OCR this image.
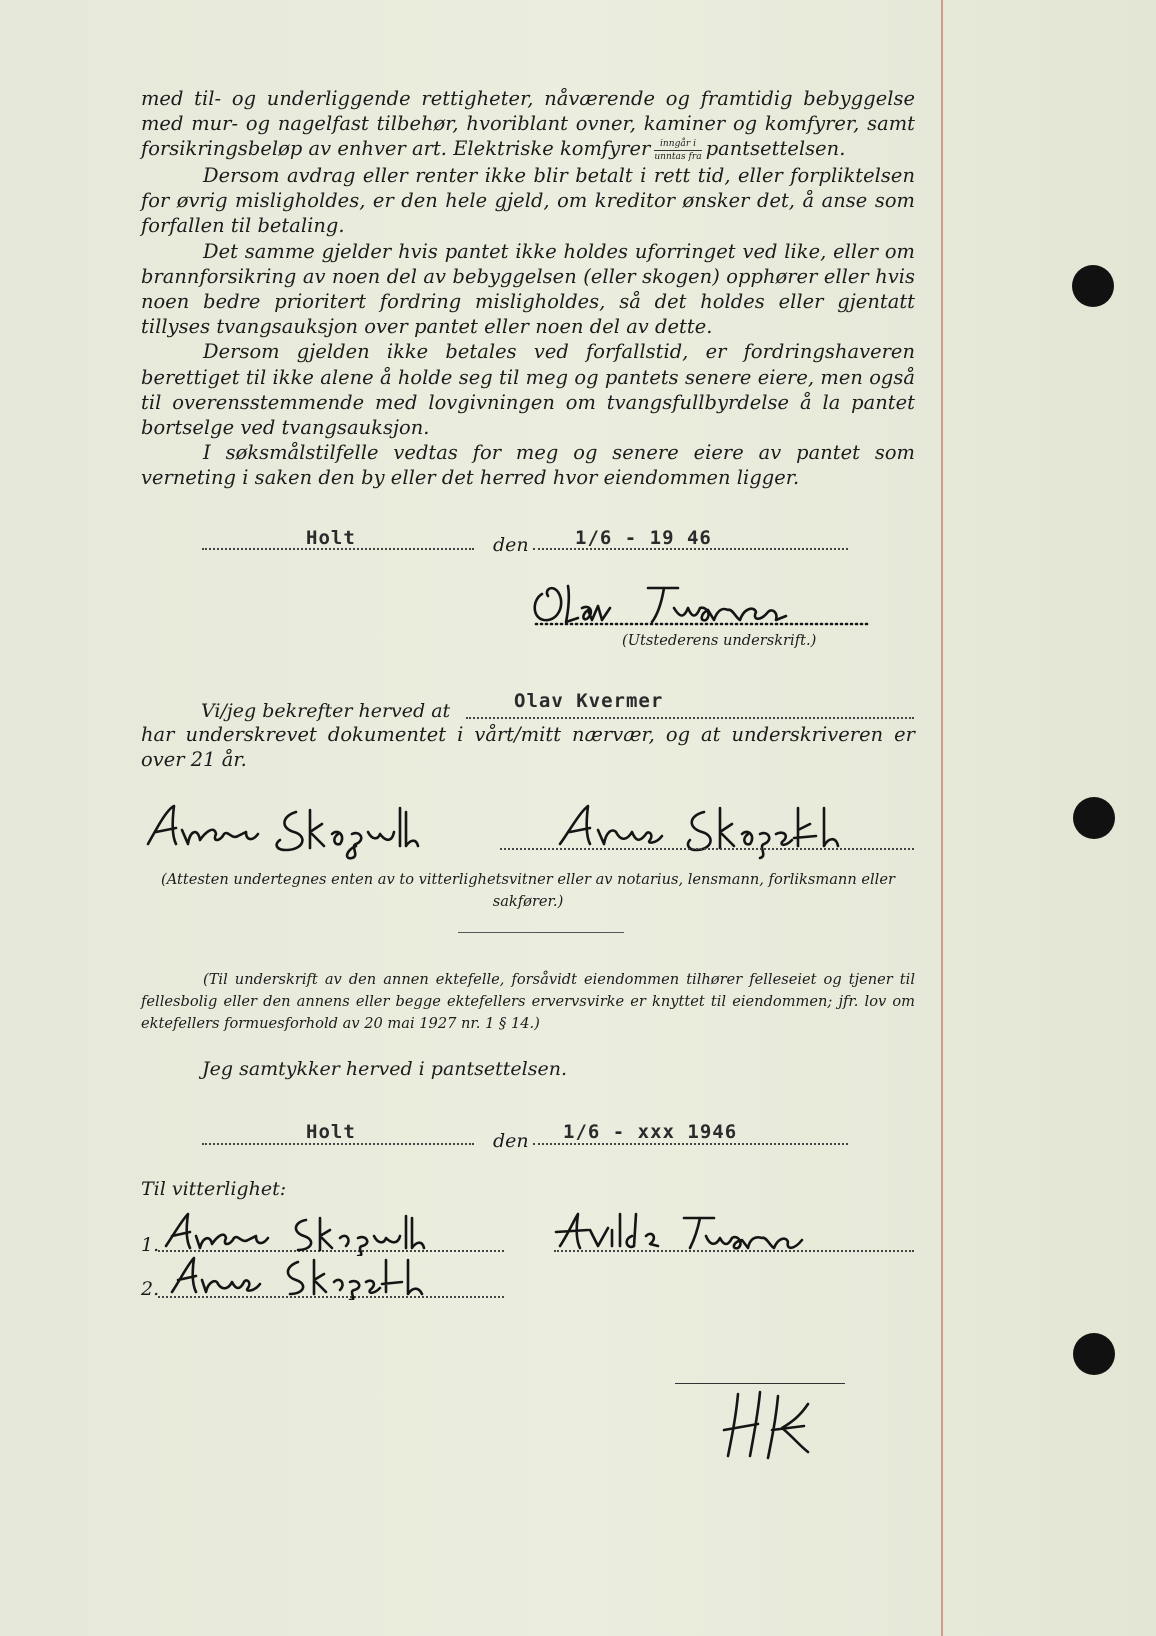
med til- og underliggende rettigheter, nåværende og framtidig bebyggelse med mur- og nagelfast tilbehør, hvoriblant ovner, kaminer og komfyrer, samt forsikringsbeløp av enhver art. Elektriske komfyrer $\frac{\text{inngår i}}{\text{unntas fra}}$ pantsettelsen.

Dersom avdrag eller renter ikke blir betalt i rett tid, eller forpliktelsen for øvrig misligholdes, er den hele gjeld, om kreditor ønsker det, å anse som forfallen til betaling.

Det samme gjelder hvis pantet ikke holdes uforringet ved like, eller om brannforsikring av noen del av bebyggelsen (eller skogen) opphører eller hvis noen bedre prioritert fordring misligholdes, så det holdes eller gjentatt tillyses tvangsauksjon over pantet eller noen del av dette.

Dersom gjelden ikke betales ved forfallstid, er fordringshaveren berettiget til ikke alene å holde seg til meg og pantets senere eiere, men også til overensstemmende med lovgivningen om tvangsfullbyrdelse å la pantet bortselge ved tvangsauksjon.

I søksmålstilfelle vedtas for meg og senere eiere av pantet som verneting i saken den by eller det herred hvor eiendommen ligger.

Holt	den 1/6 - 19 46
(Utstederens underskrift.)
Vi/jeg bekrefter herved at	Olav Kvermer

har underskrevet dokumentet i vårt/mitt nærvær, og at underskriveren er over 21 år.

(Attesten undertegnes enten av to vitterlighetsvitner eller av notarius, lensmann, forliksmann eller sakfører.)
(Til underskrift av den annen ektefelle, forsåvidt eiendommen tilhører felleseiet og tjener til fellesbolig eller den annens eller begge ektefellers ervervsvirke er knyttet til eiendommen; jfr. lov om ektefellers formuesforhold av 20 mai 1927 nr. 1 § 14.)
Jeg samtykker herved i pantsettelsen.
Holt	den 1/6 - xxx 1946
Til vitterlighet:
1.
2.
